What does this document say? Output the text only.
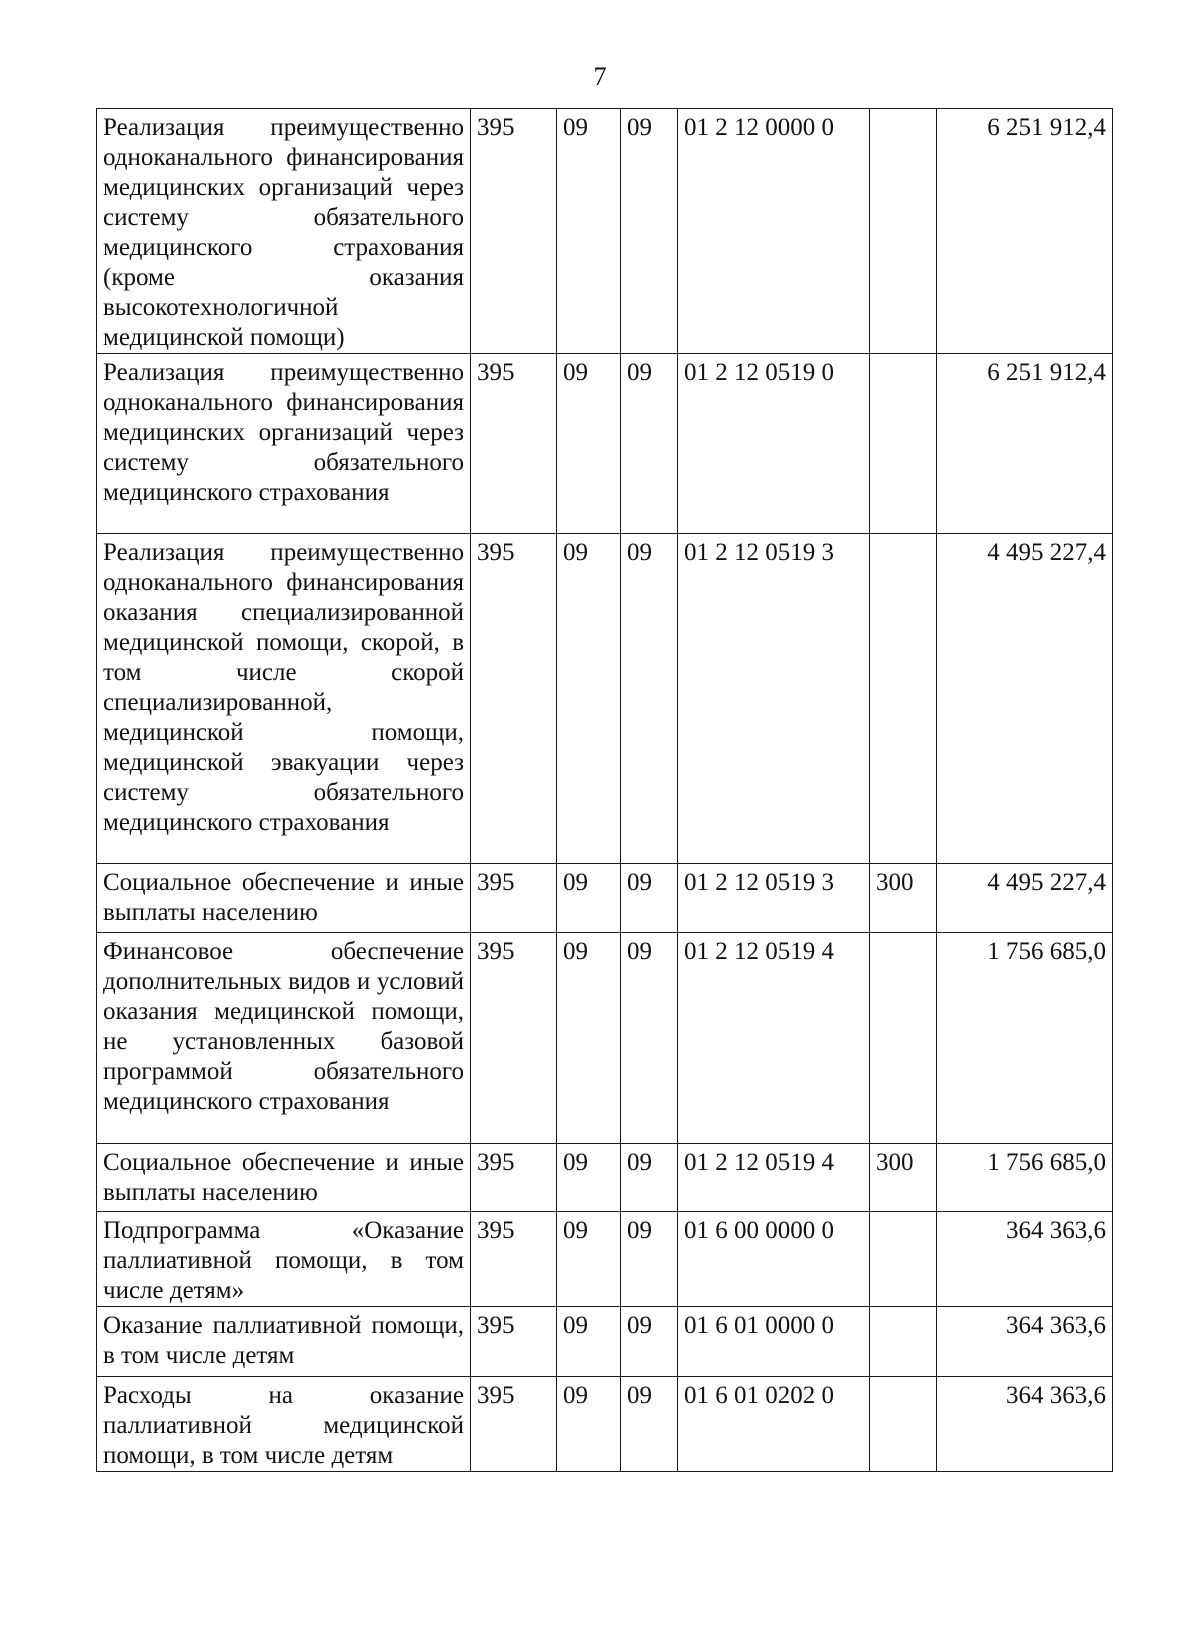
7
Реализация преимущественно одноканального финансирования медицинских организаций через систему обязательного медицинского страхования (кроме оказания высокотехнологичной медицинской помощи)	395	09	09	01 2 12 0000 0		6 251 912,4
Реализация преимущественно одноканального финансирования медицинских организаций через систему обязательного медицинского страхования	395	09	09	01 2 12 0519 0		6 251 912,4
Реализация преимущественно одноканального финансирования оказания специализированной медицинской помощи, скорой, в том числе скорой специализированной, медицинской помощи, медицинской эвакуации через систему обязательного медицинского страхования	395	09	09	01 2 12 0519 3		4 495 227,4
Социальное обеспечение и иные выплаты населению	395	09	09	01 2 12 0519 3	300	4 495 227,4
Финансовое обеспечение дополнительных видов и условий оказания медицинской помощи, не установленных базовой программой обязательного медицинского страхования	395	09	09	01 2 12 0519 4		1 756 685,0
Социальное обеспечение и иные выплаты населению	395	09	09	01 2 12 0519 4	300	1 756 685,0
Подпрограмма «Оказание паллиативной помощи, в том числе детям»	395	09	09	01 6 00 0000 0		364 363,6
Оказание паллиативной помощи, в том числе детям	395	09	09	01 6 01 0000 0		364 363,6
Расходы на оказание паллиативной медицинской помощи, в том числе детям	395	09	09	01 6 01 0202 0		364 363,6
